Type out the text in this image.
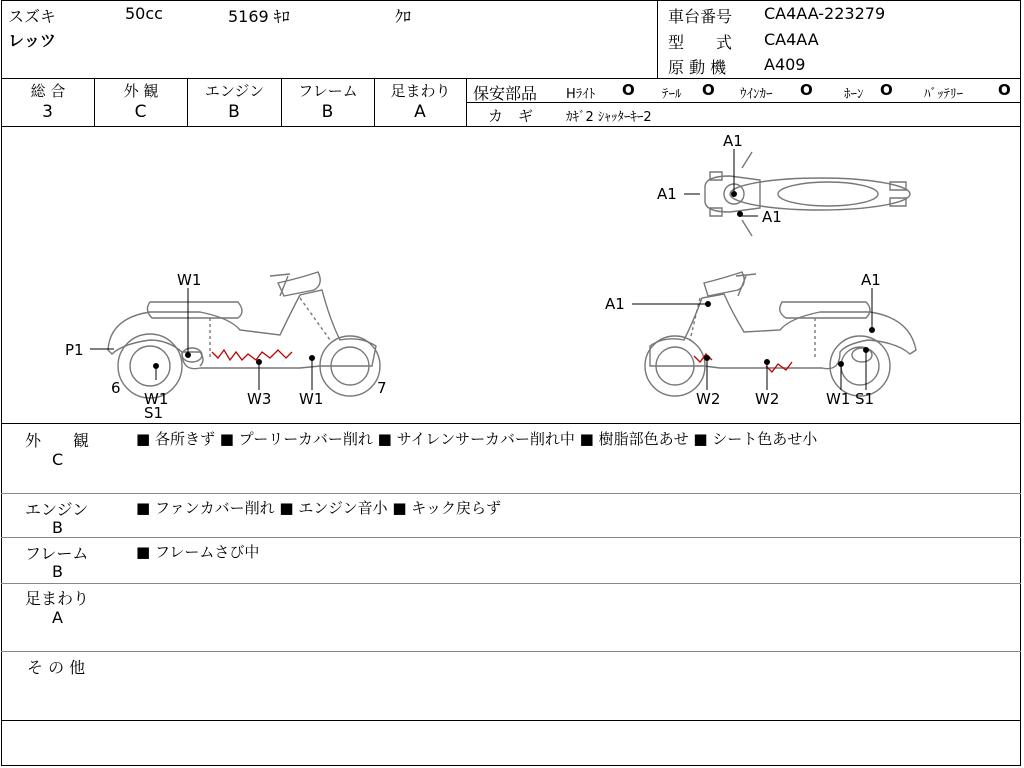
スズキ	50cc	5169 ｷﾛ	ｸﾛ
レッツ
車台番号 CA4AA-223279
型　　式 CA4AA
原 動 機 A409
総 合
3
外 観
C
エンジン
B
フレーム
B
足まわり
A
保安部品 Hﾗｲﾄ O ﾃｰﾙ O ｳｲﾝｶｰ O ﾎｰﾝ O ﾊﾞｯﾃﾘｰ O
カ　ギ	ｶｷﾞ2 ｼｬｯﾀｰｷｰ2
W1
P1
6
W1
S1
W3 W1
7
A1
A1
A1
A1
A1
W2 W2	W1 S1
外　　観
C
■ 各所きず ■ プーリーカバー削れ ■ サイレンサーカバー削れ中 ■ 樹脂部色あせ ■ シート色あせ小
エンジン
B
■ ファンカバー削れ ■ エンジン音小 ■ キック戻らず
フレーム
B
■ フレームさび中
足まわり
A
そ の 他
